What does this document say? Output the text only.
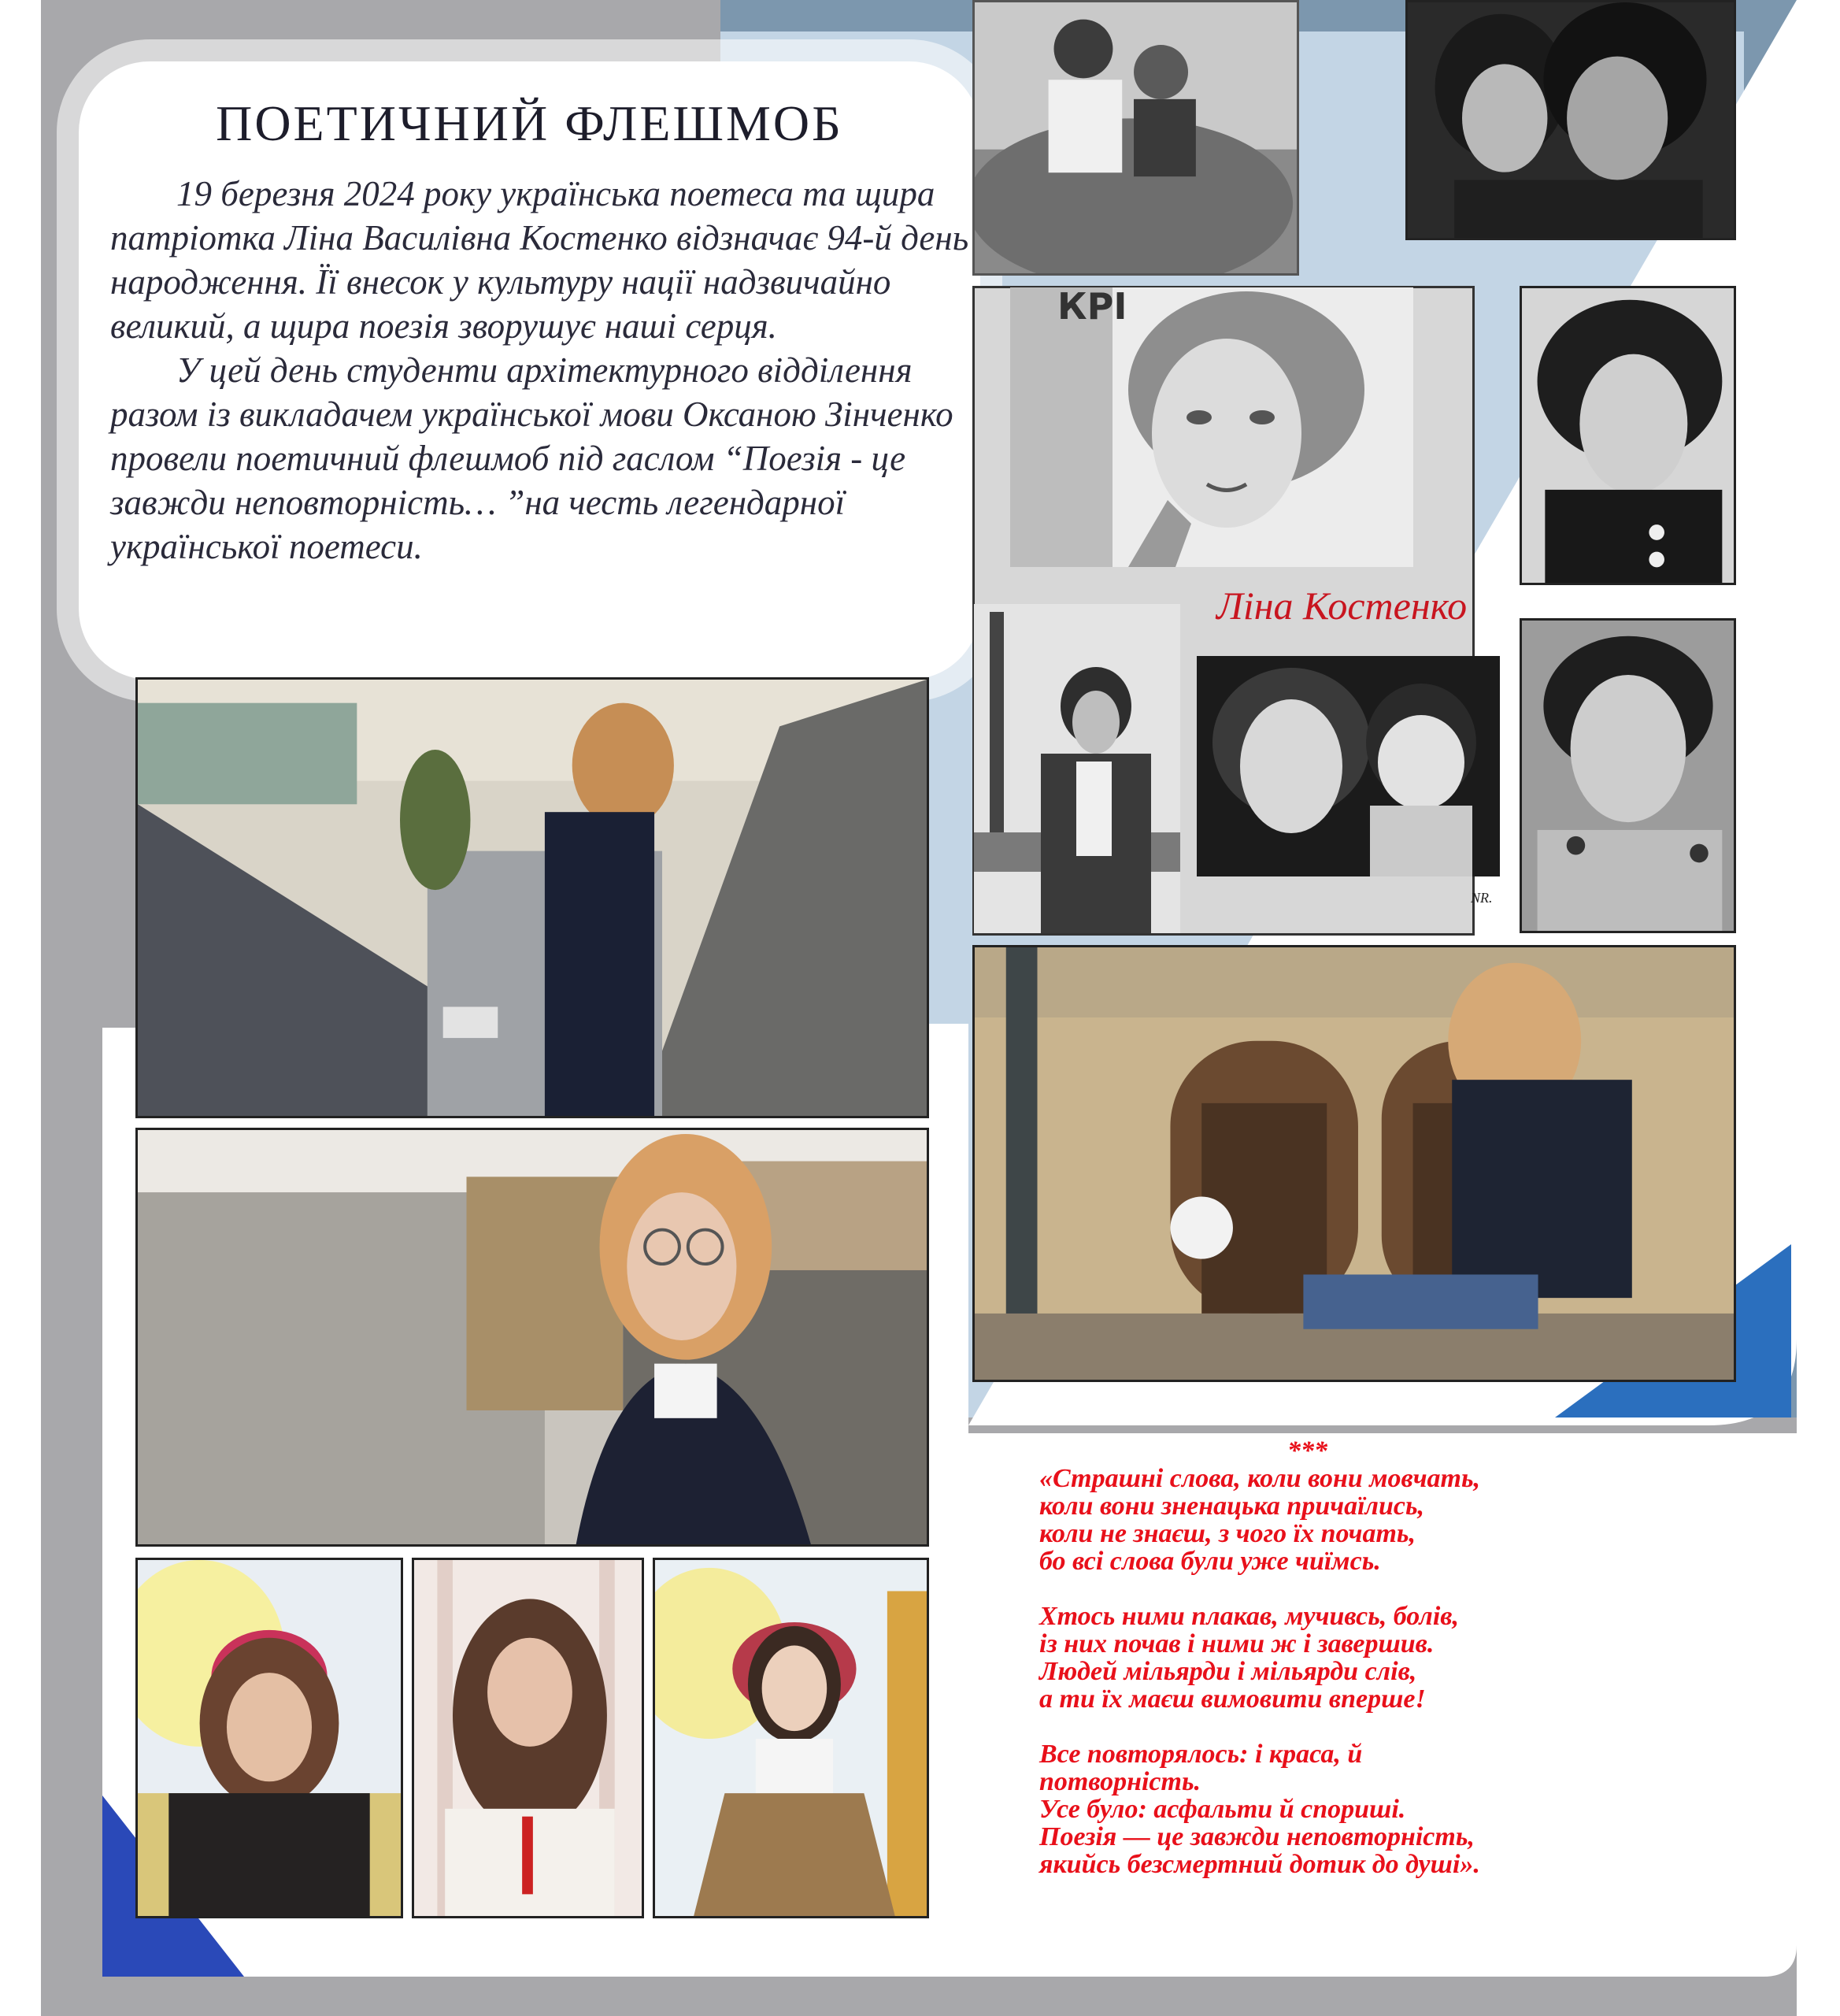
ПОЕТИЧНИЙ ФЛЕШМОБ

19 березня 2024 року українська поетеса та щира патріотка Ліна Василівна Костенко відзначає 94-й день народження. Її внесок у культуру нації надзвичайно великий, а щира поезія зворушує наші серця.

У цей день студенти архітектурного відділення разом із викладачем української мови Оксаною Зінченко провели поетичний флешмоб під гаслом “Поезія - це завжди неповторність… ”на честь легендарної української поетеси.

КРІ
Ліна Костенко
NR.
***
«Страшні слова, коли вони мовчать,
коли вони зненацька причаїлись,
коли не знаєш, з чого їх почать,
бо всі слова були уже чиїмсь.
Хтось ними плакав, мучивсь, болів,
із них почав і ними ж і завершив.
Людей мільярди і мільярди слів,
а ти їх маєш вимовити вперше!
Все повторялось: і краса, й
потворність.
Усе було: асфальти й спориші.
Поезія — це завжди неповторність,
якийсь безсмертний дотик до душі».
